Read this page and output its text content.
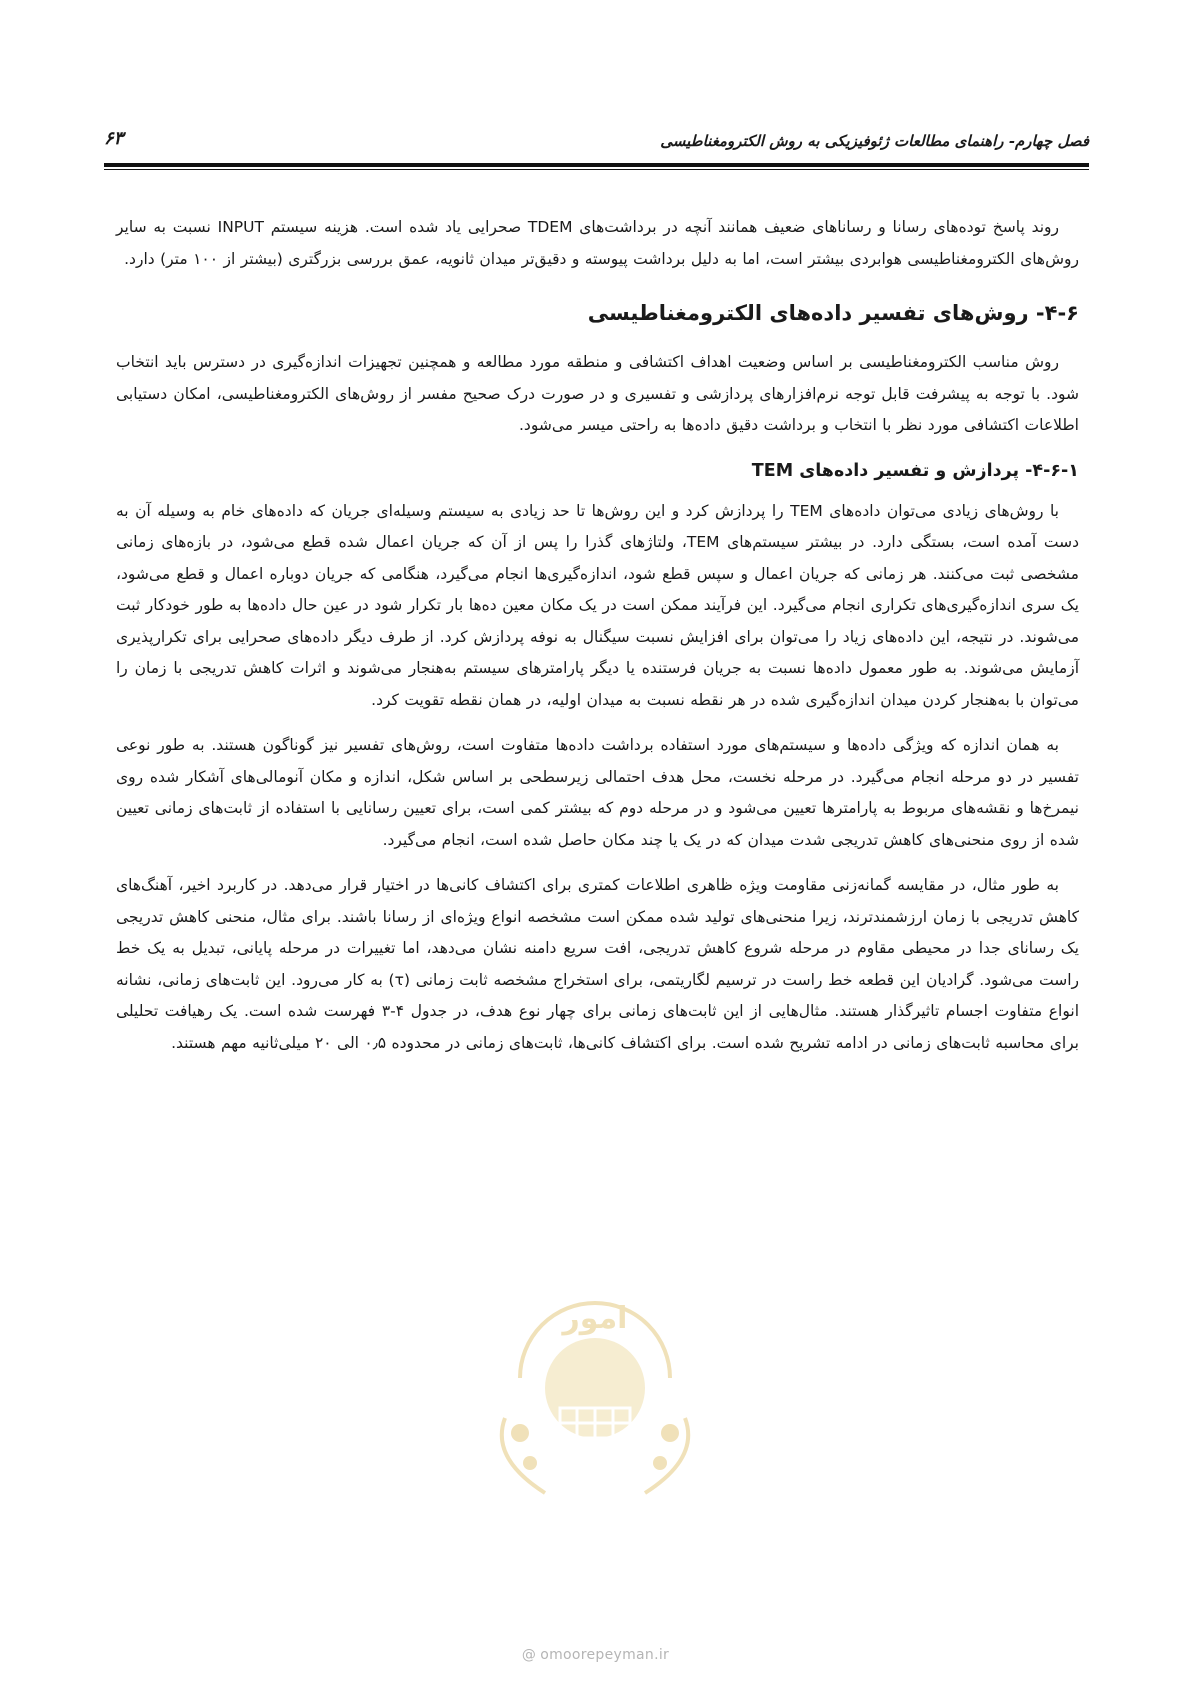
فصل چهارم- راهنمای مطالعات ژئوفیزیکی به روش الکترومغناطیسی
۶۳

روند پاسخ توده‌های رسانا و رساناهای ضعیف همانند آنچه در برداشت‌های TDEM صحرایی یاد شده است. هزینه سیستم INPUT نسبت به سایر روش‌های الکترومغناطیسی هوابردی بیشتر است، اما به دلیل برداشت پیوسته و دقیق‌تر میدان ثانویه، عمق بررسی بزرگتری (بیشتر از ۱۰۰ متر) دارد.

۴-۶- روش‌های تفسیر داده‌های الکترومغناطیسی

روش مناسب الکترومغناطیسی بر اساس وضعیت اهداف اکتشافی و منطقه مورد مطالعه و همچنین تجهیزات اندازه‌گیری در دسترس باید انتخاب شود. با توجه به پیشرفت قابل توجه نرم‌افزارهای پردازشی و تفسیری و در صورت درک صحیح مفسر از روش‌های الکترومغناطیسی، امکان دستیابی اطلاعات اکتشافی مورد نظر با انتخاب و برداشت دقیق داده‌ها به راحتی میسر می‌شود.

۴-۶-۱- پردازش و تفسیر داده‌های TEM

با روش‌های زیادی می‌توان داده‌های TEM را پردازش کرد و این روش‌ها تا حد زیادی به سیستم وسیله‌ای جریان که داده‌های خام به وسیله آن به دست آمده است، بستگی دارد. در بیشتر سیستم‌های TEM، ولتاژهای گذرا را پس از آن که جریان اعمال شده قطع می‌شود، در بازه‌های زمانی مشخصی ثبت می‌کنند. هر زمانی که جریان اعمال و سپس قطع شود، اندازه‌گیری‌ها انجام می‌گیرد، هنگامی که جریان دوباره اعمال و قطع می‌شود، یک سری اندازه‌گیری‌های تکراری انجام می‌گیرد. این فرآیند ممکن است در یک مکان معین ده‌ها بار تکرار شود در عین حال داده‌ها به طور خودکار ثبت می‌شوند. در نتیجه، این داده‌های زیاد را می‌توان برای افزایش نسبت سیگنال به نوفه پردازش کرد. از طرف دیگر داده‌های صحرایی برای تکرارپذیری آزمایش می‌شوند. به طور معمول داده‌ها نسبت به جریان فرستنده یا دیگر پارامترهای سیستم به‌هنجار می‌شوند و اثرات کاهش تدریجی با زمان را می‌توان با به‌هنجار کردن میدان اندازه‌گیری شده در هر نقطه نسبت به میدان اولیه، در همان نقطه تقویت کرد.

به همان اندازه که ویژگی داده‌ها و سیستم‌های مورد استفاده برداشت داده‌ها متفاوت است، روش‌های تفسیر نیز گوناگون هستند. به طور نوعی تفسیر در دو مرحله انجام می‌گیرد. در مرحله نخست، محل هدف احتمالی زیرسطحی بر اساس شکل، اندازه و مکان آنومالی‌های آشکار شده روی نیمرخ‌ها و نقشه‌های مربوط به پارامترها تعیین می‌شود و در مرحله دوم که بیشتر کمی است، برای تعیین رسانایی با استفاده از ثابت‌های زمانی تعیین شده از روی منحنی‌های کاهش تدریجی شدت میدان که در یک یا چند مکان حاصل شده است، انجام می‌گیرد.

به طور مثال، در مقایسه گمانه‌زنی مقاومت ویژه ظاهری اطلاعات کمتری برای اکتشاف کانی‌ها در اختیار قرار می‌دهد. در کاربرد اخیر، آهنگ‌های کاهش تدریجی با زمان ارزشمندترند، زیرا منحنی‌های تولید شده ممکن است مشخصه انواع ویژه‌ای از رسانا باشند. برای مثال، منحنی کاهش تدریجی یک رسانای جدا در محیطی مقاوم در مرحله شروع کاهش تدریجی، افت سریع دامنه نشان می‌دهد، اما تغییرات در مرحله پایانی، تبدیل به یک خط راست می‌شود. گرادیان این قطعه خط راست در ترسیم لگاریتمی، برای استخراج مشخصه ثابت زمانی (τ) به کار می‌رود. این ثابت‌های زمانی، نشانه انواع متفاوت اجسام تاثیرگذار هستند. مثال‌هایی از این ثابت‌های زمانی برای چهار نوع هدف، در جدول ۴-۳ فهرست شده است. یک رهیافت تحلیلی برای محاسبه ثابت‌های زمانی در ادامه تشریح شده است. برای اکتشاف کانی‌ها، ثابت‌های زمانی در محدوده ۰٫۵ الی ۲۰ میلی‌ثانیه مهم هستند.

امور
@ omoorepeyman.ir
